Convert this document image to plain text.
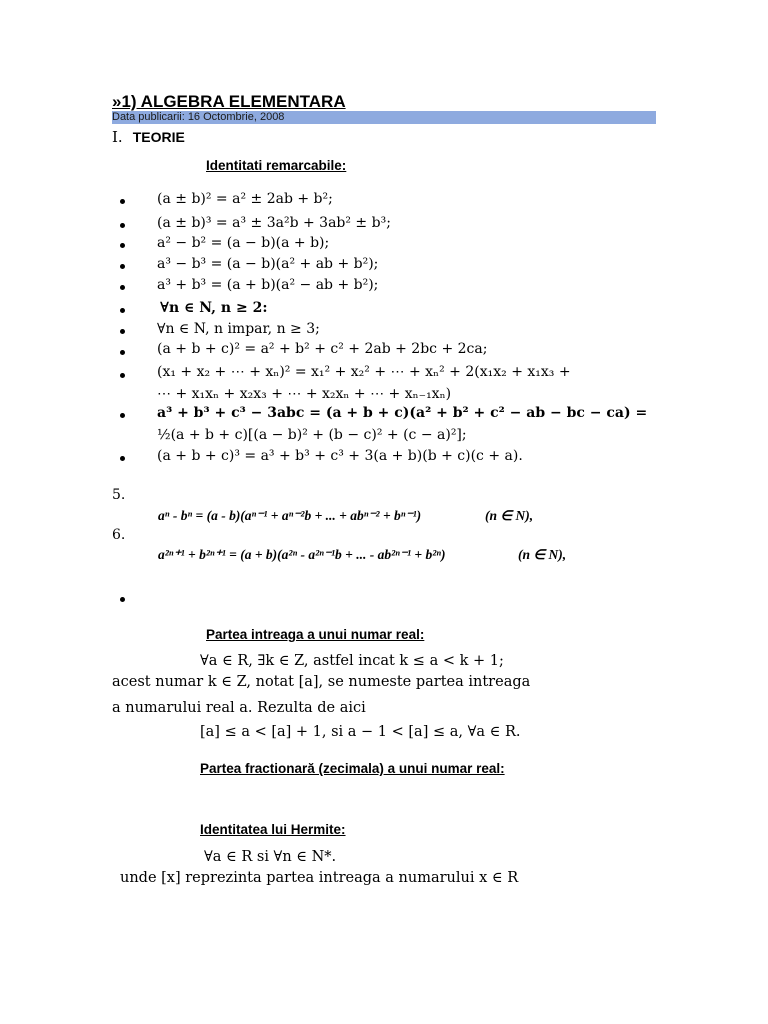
»1) ALGEBRA ELEMENTARA
Data publicarii: 16 Octombrie, 2008
I. TEORIE
Identitati remarcabile:
(a ± b)² = a² ± 2ab + b²;
(a ± b)³ = a³ ± 3a²b + 3ab² ± b³;
a² − b² = (a − b)(a + b);
a³ − b³ = (a − b)(a² + ab + b²);
a³ + b³ = (a + b)(a² − ab + b²);
∀n ∈ N, n ≥ 2:
∀n ∈ N, n impar, n ≥ 3;
(a + b + c)² = a² + b² + c² + 2ab + 2bc + 2ca;
(x₁ + x₂ + ⋯ + xₙ)² = x₁² + x₂² + ⋯ + xₙ² + 2(x₁x₂ + x₁x₃ +
⋯ + x₁xₙ + x₂x₃ + ⋯ + x₂xₙ + ⋯ + xₙ₋₁xₙ)
a³ + b³ + c³ − 3abc = (a + b + c)(a² + b² + c² − ab − bc − ca) =
½(a + b + c)[(a − b)² + (b − c)² + (c − a)²];
(a + b + c)³ = a³ + b³ + c³ + 3(a + b)(b + c)(c + a).
5.
aⁿ - bⁿ = (a - b)(aⁿ⁻¹ + aⁿ⁻²b + ... + abⁿ⁻² + bⁿ⁻¹)	(n ∈ N),
6.
a²ⁿ⁺¹ + b²ⁿ⁺¹ = (a + b)(a²ⁿ - a²ⁿ⁻¹b + ... - ab²ⁿ⁻¹ + b²ⁿ)	(n ∈ N),
Partea intreaga a unui numar real:
∀a ∈ R, ∃k ∈ Z, astfel incat k ≤ a < k + 1;
acest numar k ∈ Z, notat [a], se numeste partea intreaga
a numarului real a. Rezulta de aici
[a] ≤ a < [a] + 1, si a − 1 < [a] ≤ a, ∀a ∈ R.
Partea fractionară (zecimala) a unui numar real:
Identitatea lui Hermite:
∀a ∈ R si ∀n ∈ N*.
unde [x] reprezinta partea intreaga a numarului x ∈ R
